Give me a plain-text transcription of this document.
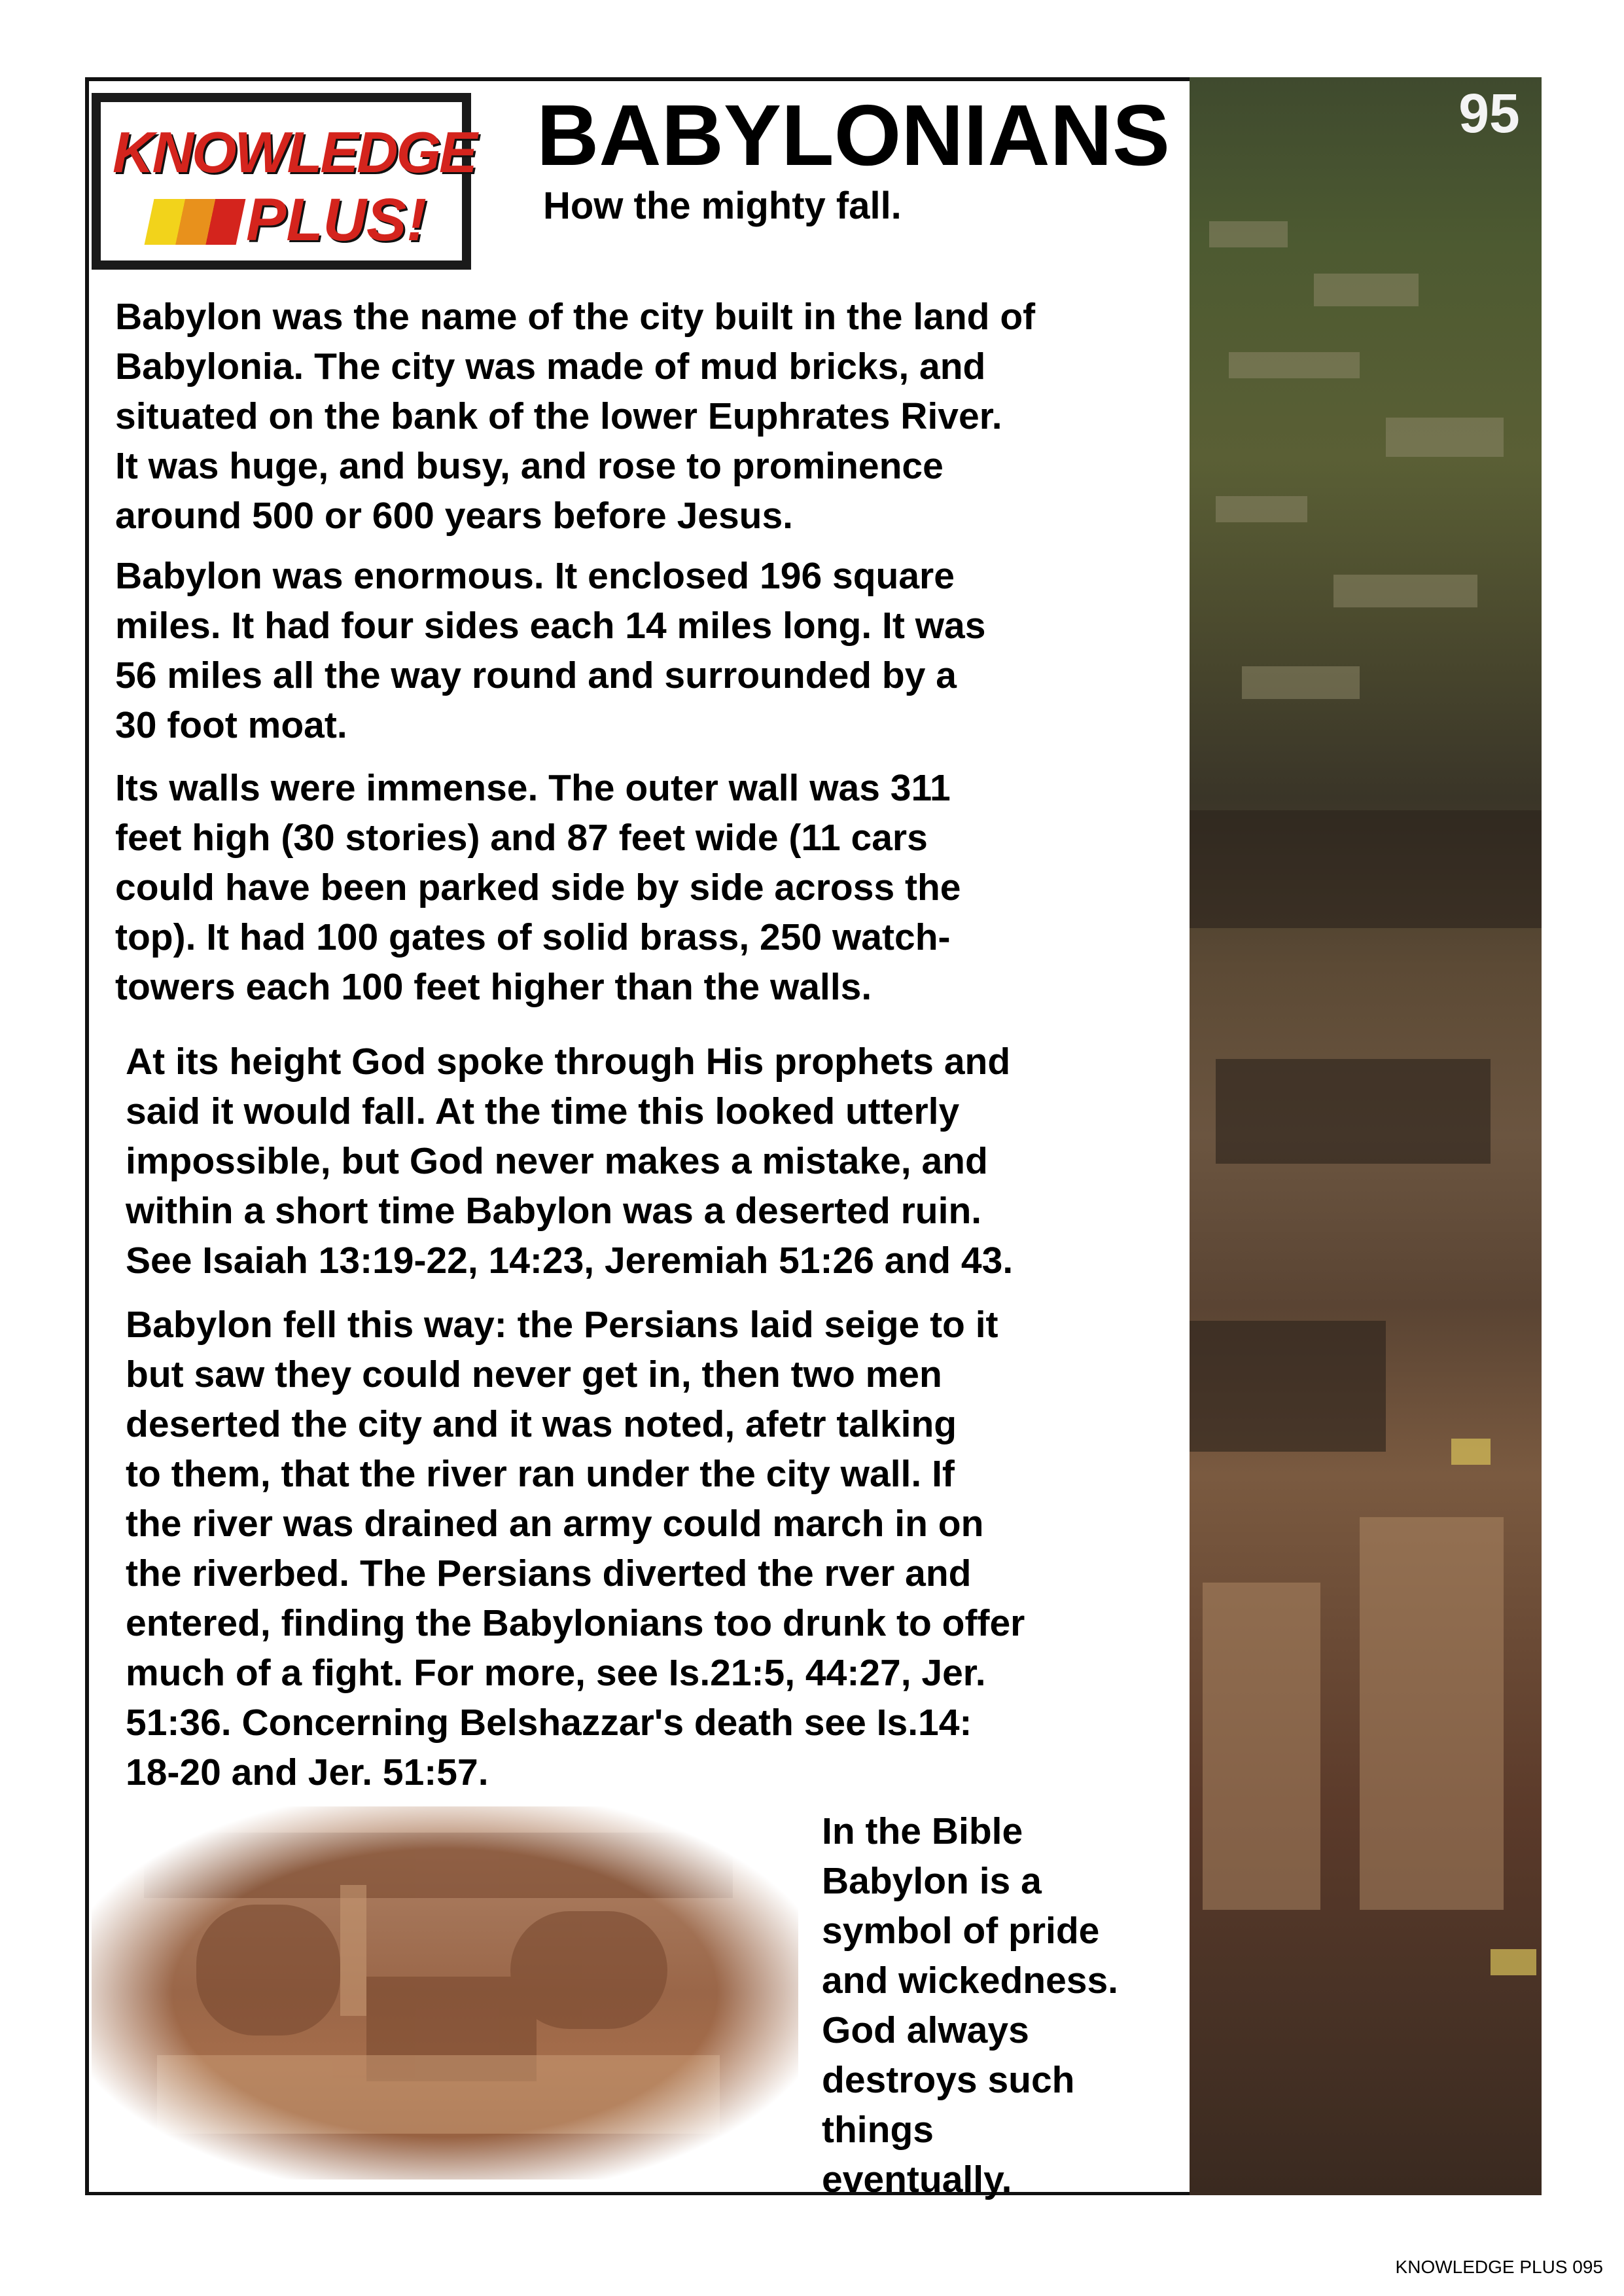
95
KNOWLEDGE
PLUS!
BABYLONIANS
How the mighty fall.

Babylon was the name of the city built in the land of
Babylonia. The city was made of mud bricks, and
situated on the bank of the lower Euphrates River.
It was huge, and busy, and rose to prominence
around 500 or 600 years before Jesus.

Babylon was enormous. It enclosed 196 square
miles. It had four sides each 14 miles long. It was
56 miles all the way round and surrounded by a
30 foot moat.

Its walls were immense. The outer wall was 311
feet high (30 stories) and 87 feet wide (11 cars
could have been parked side by side across the
top). It had 100 gates of solid brass, 250 watch-
towers each 100 feet higher than the walls.

At its height God spoke through His prophets and
said it would fall. At the time this looked utterly
impossible, but God never makes a mistake, and
within a short time Babylon was a deserted ruin.
See Isaiah 13:19-22, 14:23, Jeremiah 51:26 and 43.

Babylon fell this way: the Persians laid seige to it
but saw they could never get in, then two men
deserted the city and it was noted, afetr talking
to them, that the river ran under the city wall. If
the river was drained an army could march in on
the riverbed. The Persians diverted the rver and
entered, finding the Babylonians too drunk to offer
much of a fight. For more, see Is.21:5, 44:27, Jer.
51:36. Concerning Belshazzar's death see Is.14:
18-20 and Jer. 51:57.

In the Bible
Babylon is a
symbol of pride
and wickedness.
God always
destroys such
things
eventually.

KNOWLEDGE PLUS 095
